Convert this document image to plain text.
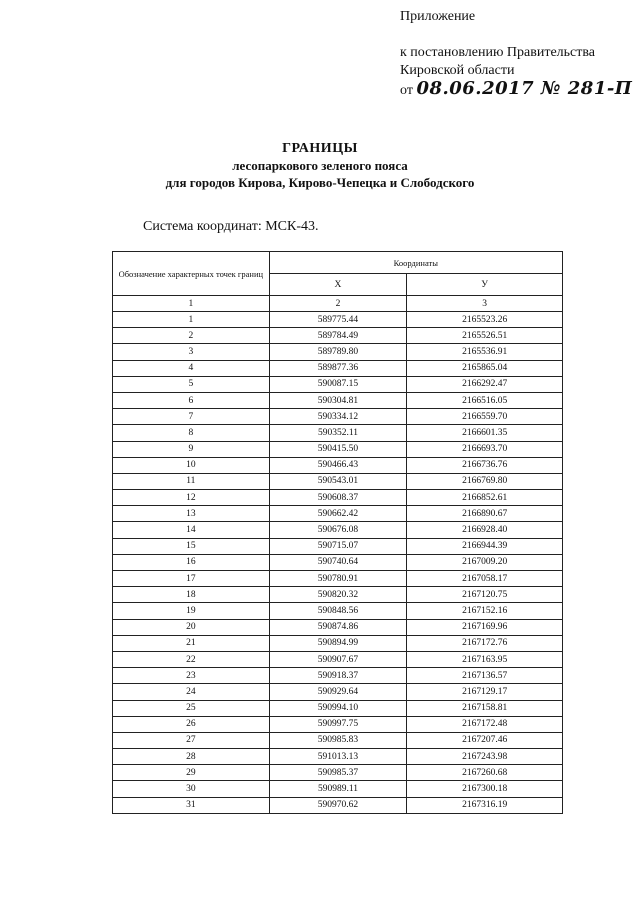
Приложение
к постановлению Правительства
Кировской области
от 08.06.2017 № 281-П
ГРАНИЦЫ
лесопаркового зеленого пояса
для городов Кирова, Кирово-Чепецка и Слободского
Система координат: МСК-43.
Обозначение характерных точек границ	Координаты	
	X	У
1	2	3
1	589775.44	2165523.26
2	589784.49	2165526.51
3	589789.80	2165536.91
4	589877.36	2165865.04
5	590087.15	2166292.47
6	590304.81	2166516.05
7	590334.12	2166559.70
8	590352.11	2166601.35
9	590415.50	2166693.70
10	590466.43	2166736.76
11	590543.01	2166769.80
12	590608.37	2166852.61
13	590662.42	2166890.67
14	590676.08	2166928.40
15	590715.07	2166944.39
16	590740.64	2167009.20
17	590780.91	2167058.17
18	590820.32	2167120.75
19	590848.56	2167152.16
20	590874.86	2167169.96
21	590894.99	2167172.76
22	590907.67	2167163.95
23	590918.37	2167136.57
24	590929.64	2167129.17
25	590994.10	2167158.81
26	590997.75	2167172.48
27	590985.83	2167207.46
28	591013.13	2167243.98
29	590985.37	2167260.68
30	590989.11	2167300.18
31	590970.62	2167316.19
